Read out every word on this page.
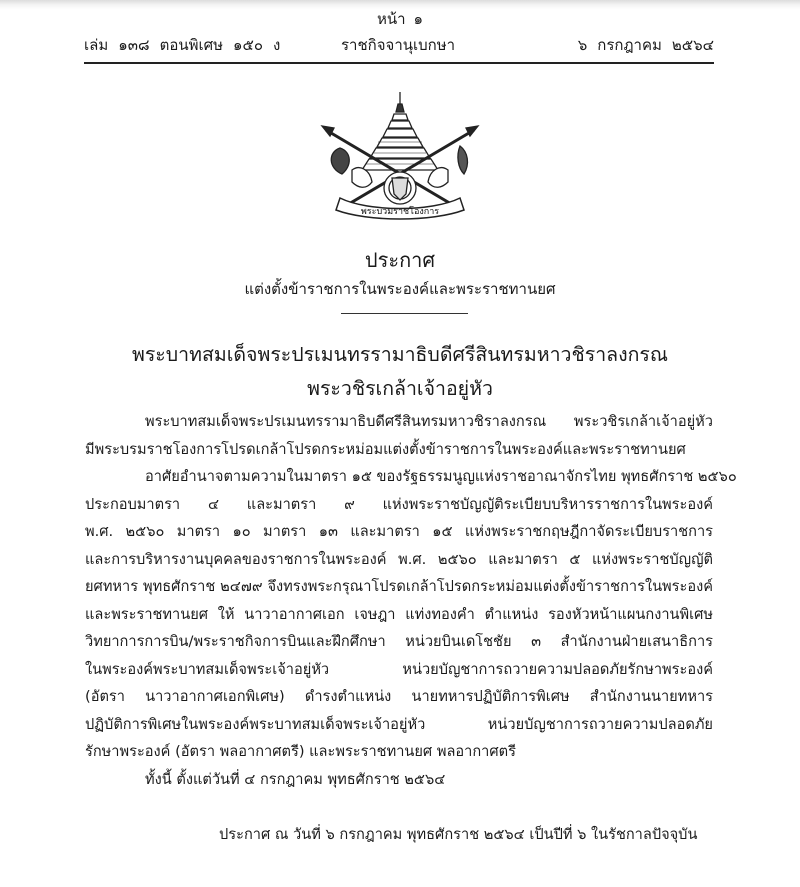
หน้า ๑
เล่ม ๑๓๘ ตอนพิเศษ ๑๕๐ ง	ราชกิจจานุเบกษา	๖ กรกฎาคม ๒๕๖๔
พระบวมราชโองการ
ประกาศ
แต่งตั้งข้าราชการในพระองค์และพระราชทานยศ
พระบาทสมเด็จพระปรเมนทรรามาธิบดีศรีสินทรมหาวชิราลงกรณ
พระวชิรเกล้าเจ้าอยู่หัว
พระบาทสมเด็จพระปรเมนทรรามาธิบดีศรีสินทรมหาวชิราลงกรณ พระวชิรเกล้าเจ้าอยู่หัว
มีพระบรมราชโองการโปรดเกล้าโปรดกระหม่อมแต่งตั้งข้าราชการในพระองค์และพระราชทานยศ
อาศัยอำนาจตามความในมาตรา ๑๕ ของรัฐธรรมนูญแห่งราชอาณาจักรไทย พุทธศักราช ๒๕๖๐
ประกอบมาตรา ๔ และมาตรา ๙ แห่งพระราชบัญญัติระเบียบบริหารราชการในพระองค์
พ.ศ. ๒๕๖๐ มาตรา ๑๐ มาตรา ๑๓ และมาตรา ๑๕ แห่งพระราชกฤษฎีกาจัดระเบียบราชการ
และการบริหารงานบุคคลของราชการในพระองค์ พ.ศ. ๒๕๖๐ และมาตรา ๕ แห่งพระราชบัญญัติ
ยศทหาร พุทธศักราช ๒๔๗๙ จึงทรงพระกรุณาโปรดเกล้าโปรดกระหม่อมแต่งตั้งข้าราชการในพระองค์
และพระราชทานยศ ให้ นาวาอากาศเอก เจษฎา แท่งทองคำ ตำแหน่ง รองหัวหน้าแผนกงานพิเศษ
วิทยาการการบิน/พระราชกิจการบินและฝึกศึกษา หน่วยบินเดโชชัย ๓ สำนักงานฝ่ายเสนาธิการ
ในพระองค์พระบาทสมเด็จพระเจ้าอยู่หัว หน่วยบัญชาการถวายความปลอดภัยรักษาพระองค์
(อัตรา นาวาอากาศเอกพิเศษ) ดำรงตำแหน่ง นายทหารปฏิบัติการพิเศษ สำนักงานนายทหาร
ปฏิบัติการพิเศษในพระองค์พระบาทสมเด็จพระเจ้าอยู่หัว หน่วยบัญชาการถวายความปลอดภัย
รักษาพระองค์ (อัตรา พลอากาศตรี) และพระราชทานยศ พลอากาศตรี
ทั้งนี้ ตั้งแต่วันที่ ๔ กรกฎาคม พุทธศักราช ๒๕๖๔
ประกาศ ณ วันที่ ๖ กรกฎาคม พุทธศักราช ๒๕๖๔ เป็นปีที่ ๖ ในรัชกาลปัจจุบัน
